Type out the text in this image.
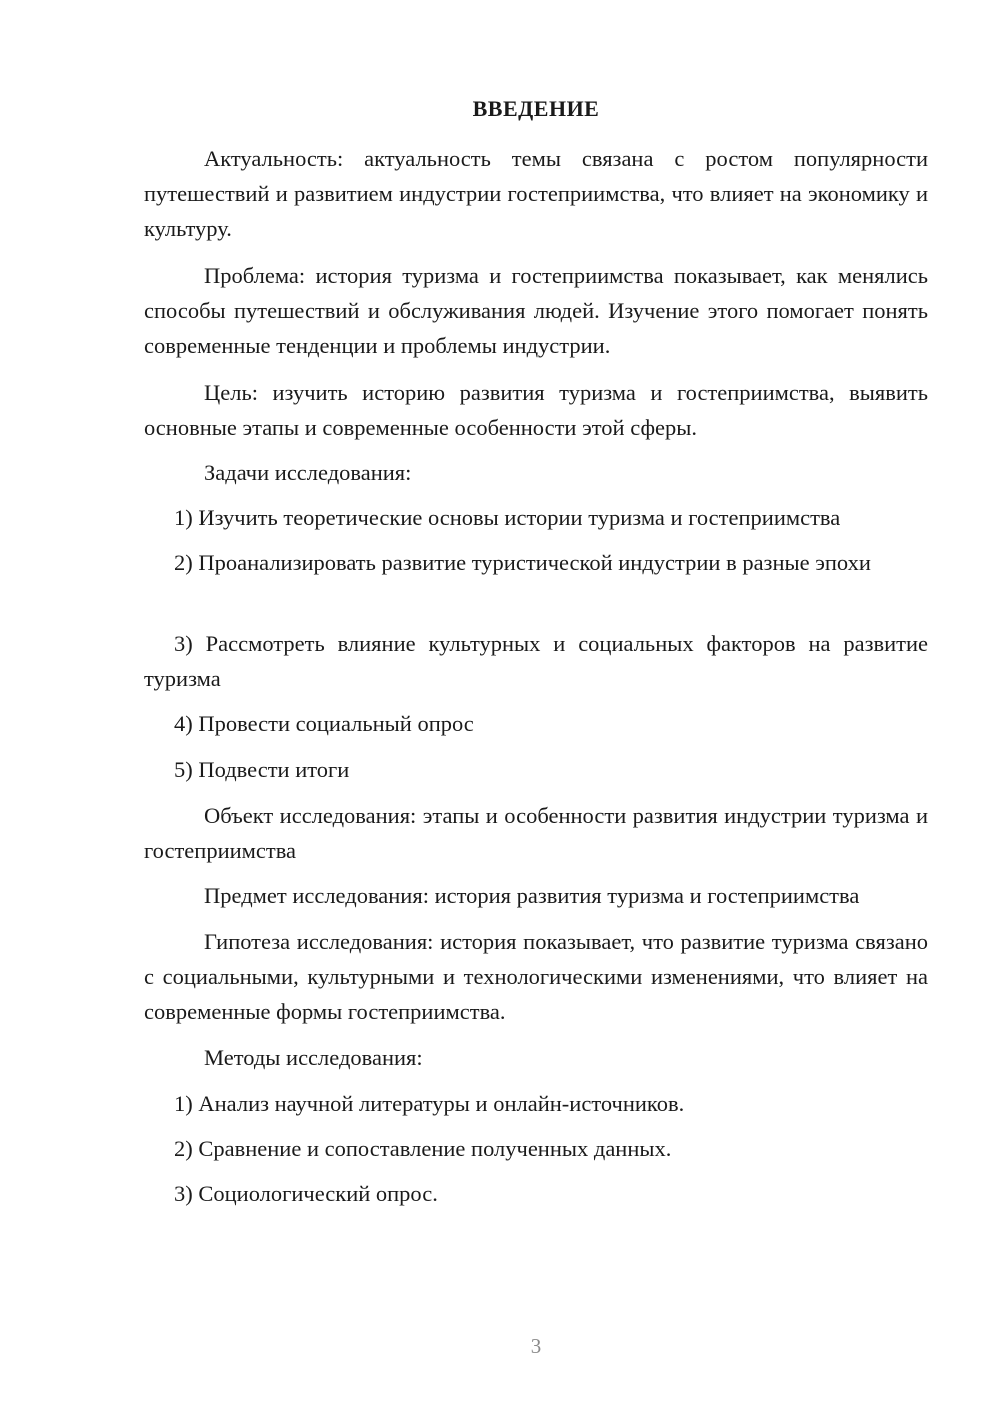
ВВЕДЕНИЕ

Актуальность: актуальность темы связана с ростом популярности путешествий и развитием индустрии гостеприимства, что влияет на экономику и культуру.

Проблема: история туризма и гостеприимства показывает, как менялись способы путешествий и обслуживания людей. Изучение этого помогает понять современные тенденции и проблемы индустрии.

Цель: изучить историю развития туризма и гостеприимства, выявить основные этапы и современные особенности этой сферы.

Задачи исследования:

1) Изучить теоретические основы истории туризма и гостеприимства

2) Проанализировать развитие туристической индустрии в разные эпохи

3) Рассмотреть влияние культурных и социальных факторов на развитие туризма

4) Провести социальный опрос

5) Подвести итоги

Объект исследования: этапы и особенности развития индустрии туризма и гостеприимства

Предмет исследования: история развития туризма и гостеприимства

Гипотеза исследования: история показывает, что развитие туризма связано с социальными, культурными и технологическими изменениями, что влияет на современные формы гостеприимства.

Методы исследования:

1) Анализ научной литературы и онлайн-источников.

2) Сравнение и сопоставление полученных данных.

3) Социологический опрос.

3
